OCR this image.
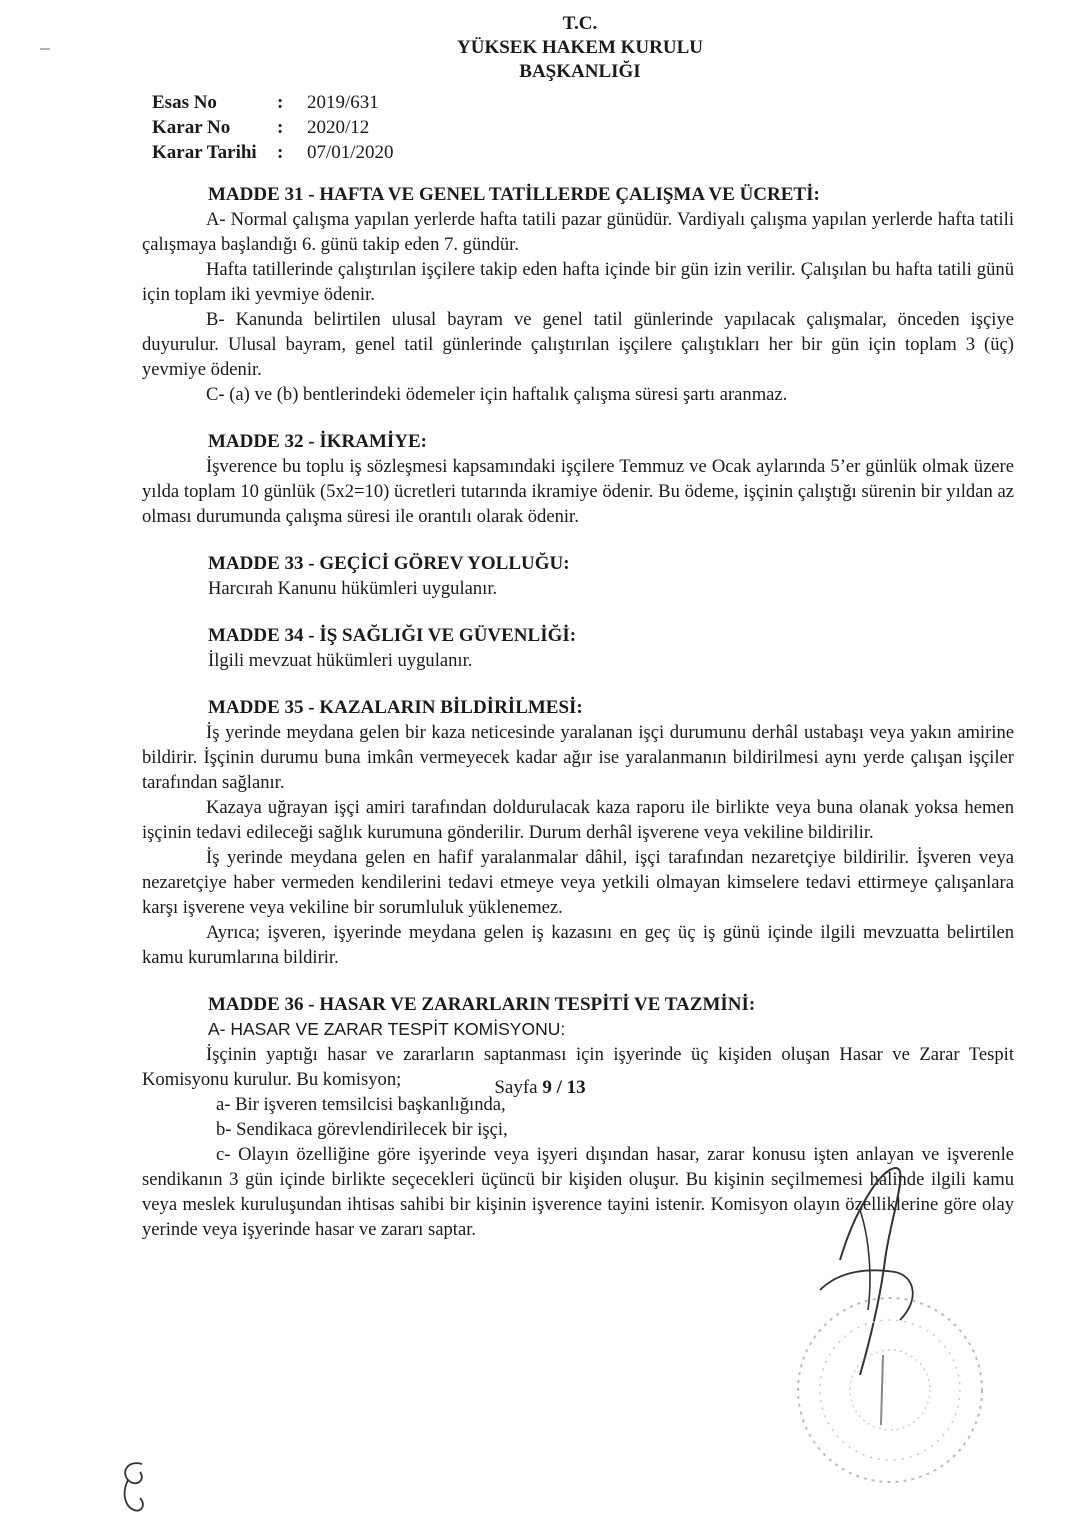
T.C.
YÜKSEK HAKEM KURULU
BAŞKANLIĞI
Esas No	:	2019/631
Karar No	:	2020/12
Karar Tarihi	:	07/01/2020

MADDE 31 - HAFTA VE GENEL TATİLLERDE ÇALIŞMA VE ÜCRETİ:

A- Normal çalışma yapılan yerlerde hafta tatili pazar günüdür. Vardiyalı çalışma yapılan yerlerde hafta tatili çalışmaya başlandığı 6. günü takip eden 7. gündür.

Hafta tatillerinde çalıştırılan işçilere takip eden hafta içinde bir gün izin verilir. Çalışılan bu hafta tatili günü için toplam iki yevmiye ödenir.

B- Kanunda belirtilen ulusal bayram ve genel tatil günlerinde yapılacak çalışmalar, önceden işçiye duyurulur. Ulusal bayram, genel tatil günlerinde çalıştırılan işçilere çalıştıkları her bir gün için toplam 3 (üç) yevmiye ödenir.

C- (a) ve (b) bentlerindeki ödemeler için haftalık çalışma süresi şartı aranmaz.

MADDE 32 - İKRAMİYE:

İşverence bu toplu iş sözleşmesi kapsamındaki işçilere Temmuz ve Ocak aylarında 5’er günlük olmak üzere yılda toplam 10 günlük (5x2=10) ücretleri tutarında ikramiye ödenir. Bu ödeme, işçinin çalıştığı sürenin bir yıldan az olması durumunda çalışma süresi ile orantılı olarak ödenir.

MADDE 33 - GEÇİCİ GÖREV YOLLUĞU:

Harcırah Kanunu hükümleri uygulanır.

MADDE 34 - İŞ SAĞLIĞI VE GÜVENLİĞİ:

İlgili mevzuat hükümleri uygulanır.

MADDE 35 - KAZALARIN BİLDİRİLMESİ:

İş yerinde meydana gelen bir kaza neticesinde yaralanan işçi durumunu derhâl ustabaşı veya yakın amirine bildirir. İşçinin durumu buna imkân vermeyecek kadar ağır ise yaralanmanın bildirilmesi aynı yerde çalışan işçiler tarafından sağlanır.

Kazaya uğrayan işçi amiri tarafından doldurulacak kaza raporu ile birlikte veya buna olanak yoksa hemen işçinin tedavi edileceği sağlık kurumuna gönderilir. Durum derhâl işverene veya vekiline bildirilir.

İş yerinde meydana gelen en hafif yaralanmalar dâhil, işçi tarafından nezaretçiye bildirilir. İşveren veya nezaretçiye haber vermeden kendilerini tedavi etmeye veya yetkili olmayan kimselere tedavi ettirmeye çalışanlara karşı işverene veya vekiline bir sorumluluk yüklenemez.

Ayrıca; işveren, işyerinde meydana gelen iş kazasını en geç üç iş günü içinde ilgili mevzuatta belirtilen kamu kurumlarına bildirir.

MADDE 36 - HASAR VE ZARARLARIN TESPİTİ VE TAZMİNİ:

A- HASAR VE ZARAR TESPİT KOMİSYONU:

İşçinin yaptığı hasar ve zararların saptanması için işyerinde üç kişiden oluşan Hasar ve Zarar Tespit Komisyonu kurulur. Bu komisyon;

a- Bir işveren temsilcisi başkanlığında,

b- Sendikaca görevlendirilecek bir işçi,

c- Olayın özelliğine göre işyerinde veya işyeri dışından hasar, zarar konusu işten anlayan ve işverenle sendikanın 3 gün içinde birlikte seçecekleri üçüncü bir kişiden oluşur. Bu kişinin seçilmemesi halinde ilgili kamu veya meslek kuruluşundan ihtisas sahibi bir kişinin işverence tayini istenir. Komisyon olayın özelliklerine göre olay yerinde veya işyerinde hasar ve zararı saptar.

Sayfa 9 / 13
